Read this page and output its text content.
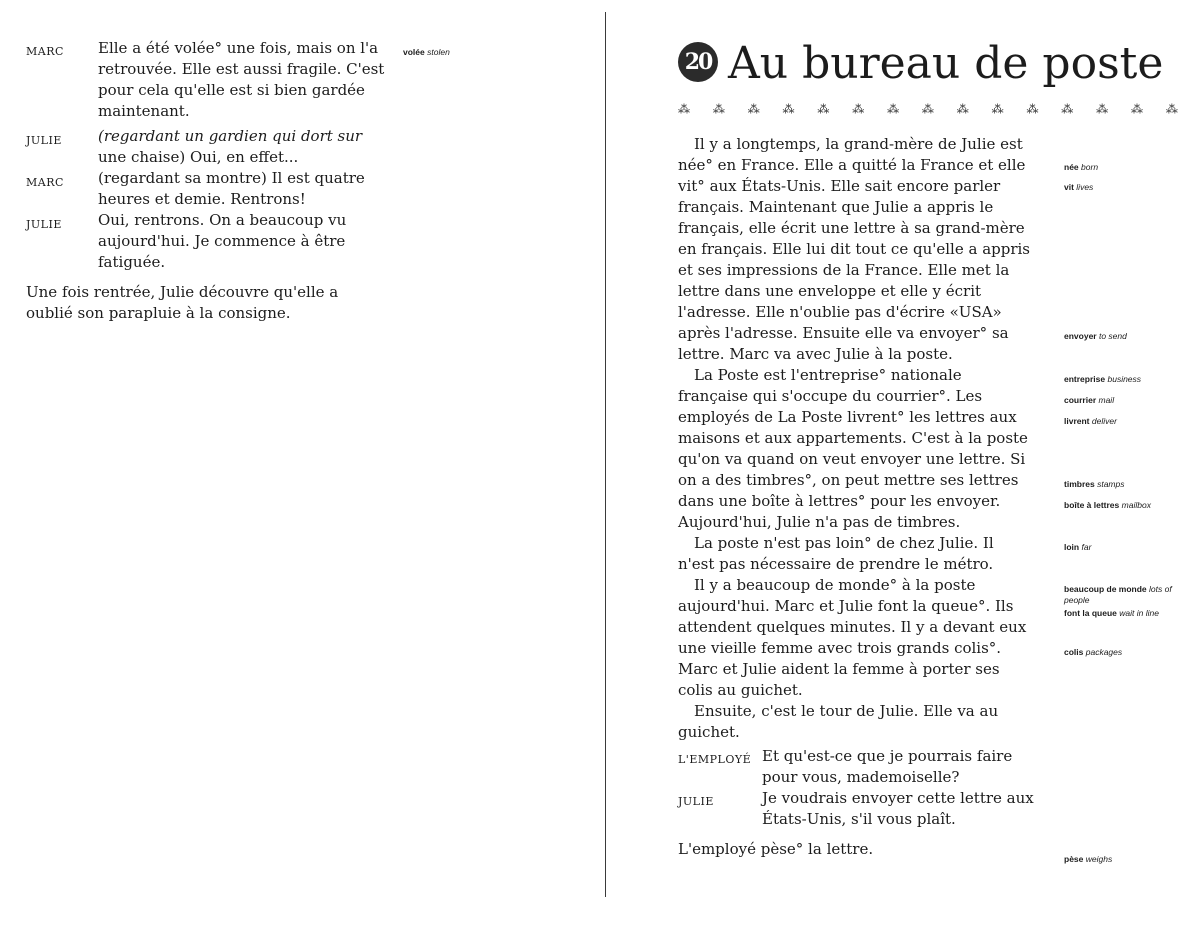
MARC	Elle a été volée° une fois, mais on l'a
retrouvée. Elle est aussi fragile. C'est
pour cela qu'elle est si bien gardée
maintenant.
JULIE	(regardant un gardien qui dort sur
une chaise) Oui, en effet...
MARC	(regardant sa montre) Il est quatre
heures et demie. Rentrons!
JULIE	Oui, rentrons. On a beaucoup vu
aujourd'hui. Je commence à être
fatiguée.
Une fois rentrée, Julie découvre qu'elle a
oublié son parapluie à la consigne.
volée stolen	20 Au bureau de poste
⁂ ⁂ ⁂ ⁂ ⁂ ⁂ ⁂ ⁂ ⁂ ⁂ ⁂ ⁂ ⁂ ⁂ ⁂
Il y a longtemps, la grand-mère de Julie est
née° en France. Elle a quitté la France et elle
vit° aux États-Unis. Elle sait encore parler
français. Maintenant que Julie a appris le
français, elle écrit une lettre à sa grand-mère
en français. Elle lui dit tout ce qu'elle a appris
et ses impressions de la France. Elle met la
lettre dans une enveloppe et elle y écrit
l'adresse. Elle n'oublie pas d'écrire «USA»
après l'adresse. Ensuite elle va envoyer° sa
lettre. Marc va avec Julie à la poste.
La Poste est l'entreprise° nationale
française qui s'occupe du courrier°. Les
employés de La Poste livrent° les lettres aux
maisons et aux appartements. C'est à la poste
qu'on va quand on veut envoyer une lettre. Si
on a des timbres°, on peut mettre ses lettres
dans une boîte à lettres° pour les envoyer.
Aujourd'hui, Julie n'a pas de timbres.
La poste n'est pas loin° de chez Julie. Il
n'est pas nécessaire de prendre le métro.
Il y a beaucoup de monde° à la poste
aujourd'hui. Marc et Julie font la queue°. Ils
attendent quelques minutes. Il y a devant eux
une vieille femme avec trois grands colis°.
Marc et Julie aident la femme à porter ses
colis au guichet.
Ensuite, c'est le tour de Julie. Elle va au
guichet.
L'EMPLOYÉ Et qu'est-ce que je pourrais faire
pour vous, mademoiselle?
JULIE	Je voudrais envoyer cette lettre aux
États-Unis, s'il vous plaît.
L'employé pèse° la lettre.
née born
vit lives
envoyer to send
entreprise business
courrier mail
livrent deliver
timbres stamps
boîte à lettres mailbox
loin far
beaucoup de monde lots of people
font la queue wait in line
colis packages
pèse weighs
